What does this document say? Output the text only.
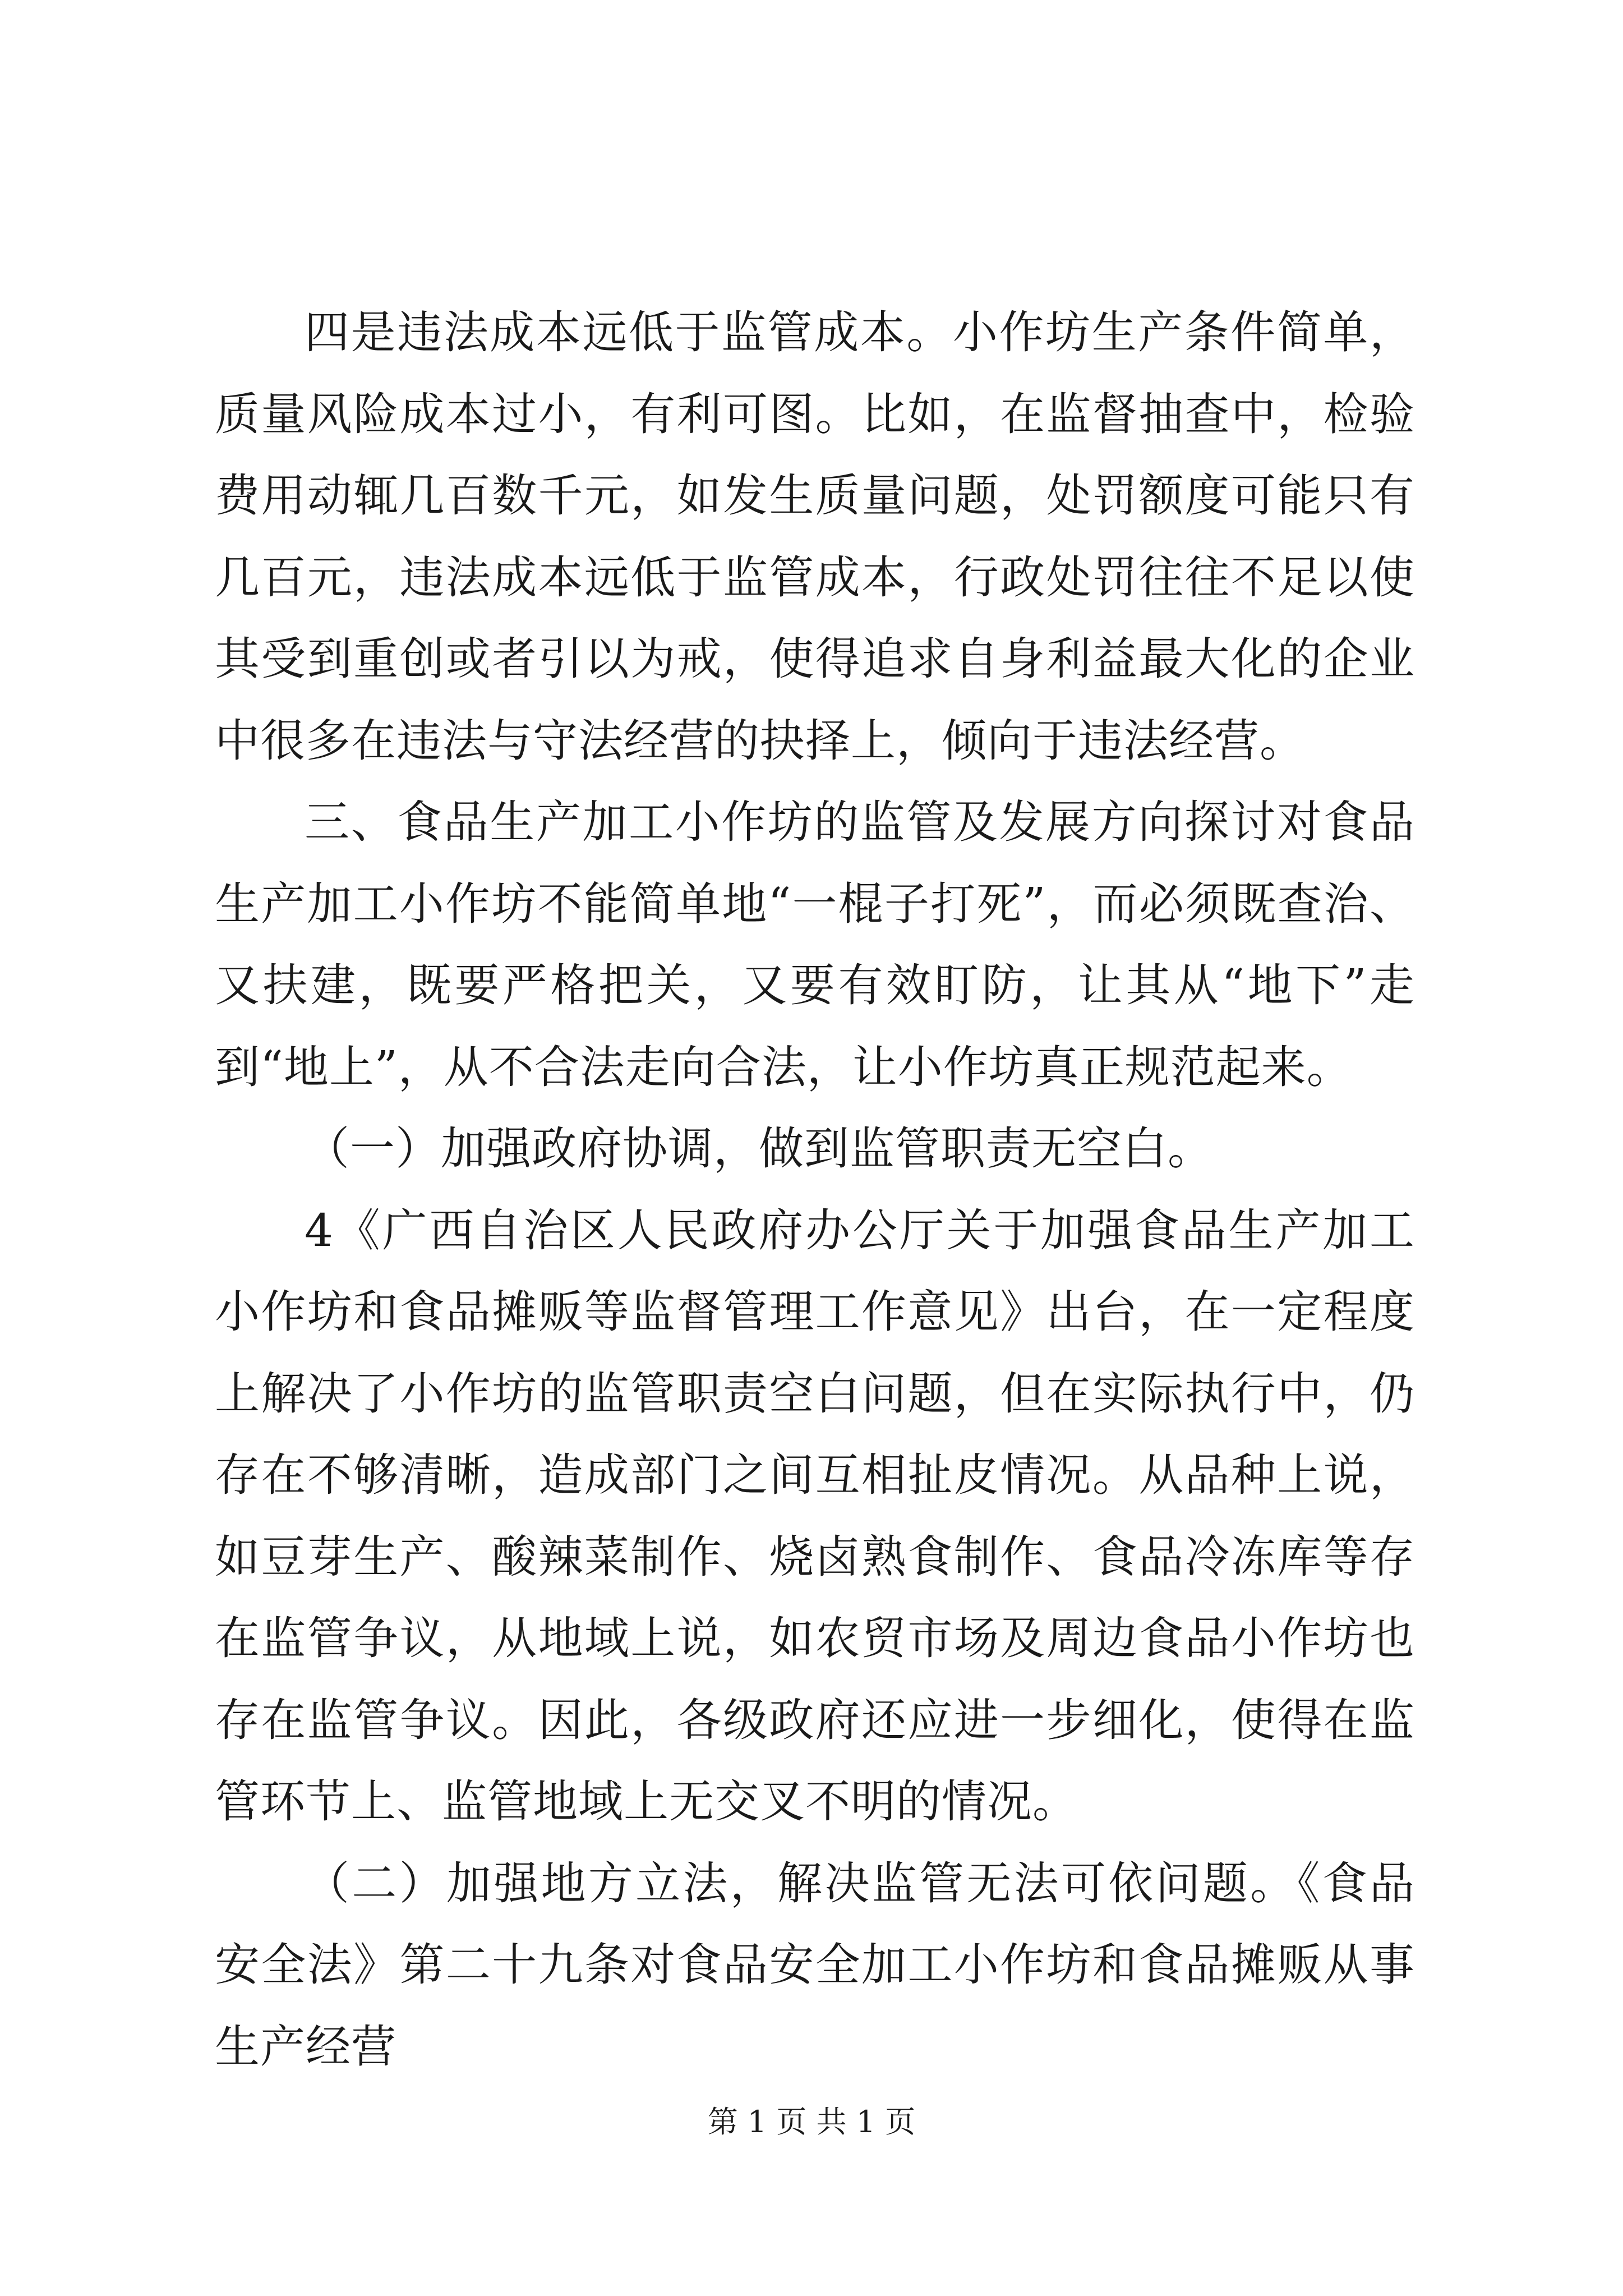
四是违法成本远低于监管成本。小作坊生产条件简单，质量风险成本过小，有利可图。比如，在监督抽查中，检验费用动辄几百数千元，如发生质量问题，处罚额度可能只有几百元，违法成本远低于监管成本，行政处罚往往不足以使其受到重创或者引以为戒，使得追求自身利益最大化的企业中很多在违法与守法经营的抉择上，倾向于违法经营。

三、食品生产加工小作坊的监管及发展方向探讨对食品生产加工小作坊不能简单地“一棍子打死”，而必须既查治、又扶建，既要严格把关，又要有效盯防，让其从“地下”走到“地上”，从不合法走向合法，让小作坊真正规范起来。

（一）加强政府协调，做到监管职责无空白。

4《广西自治区人民政府办公厅关于加强食品生产加工小作坊和食品摊贩等监督管理工作意见》出台，在一定程度上解决了小作坊的监管职责空白问题，但在实际执行中，仍存在不够清晰，造成部门之间互相扯皮情况。从品种上说，如豆芽生产、酸辣菜制作、烧卤熟食制作、食品冷冻库等存在监管争议，从地域上说，如农贸市场及周边食品小作坊也存在监管争议。因此，各级政府还应进一步细化，使得在监管环节上、监管地域上无交叉不明的情况。

（二）加强地方立法，解决监管无法可依问题。《食品安全法》第二十九条对食品安全加工小作坊和食品摊贩从事生产经营

第 1 页 共 1 页
